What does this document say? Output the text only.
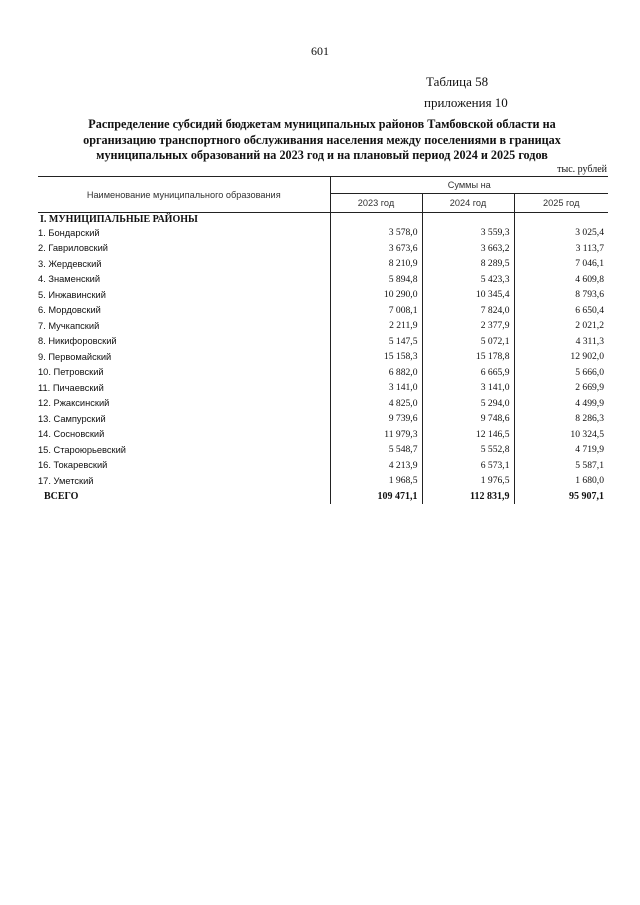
601
Таблица 58
приложения 10
Распределение субсидий бюджетам муниципальных районов Тамбовской области на организацию транспортного обслуживания населения между поселениями в границах муниципальных образований на 2023 год и на плановый период 2024 и 2025 годов
тыс. рублей
Наименование муниципального образования	Суммы на		
	2023 год	2024 год	2025 год
I. МУНИЦИПАЛЬНЫЕ РАЙОНЫ			
1. Бондарский	3 578,0	3 559,3	3 025,4
2. Гавриловский	3 673,6	3 663,2	3 113,7
3. Жердевский	8 210,9	8 289,5	7 046,1
4. Знаменский	5 894,8	5 423,3	4 609,8
5. Инжавинский	10 290,0	10 345,4	8 793,6
6. Мордовский	7 008,1	7 824,0	6 650,4
7. Мучкапский	2 211,9	2 377,9	2 021,2
8. Никифоровский	5 147,5	5 072,1	4 311,3
9. Первомайский	15 158,3	15 178,8	12 902,0
10. Петровский	6 882,0	6 665,9	5 666,0
11. Пичаевский	3 141,0	3 141,0	2 669,9
12. Ржаксинский	4 825,0	5 294,0	4 499,9
13. Сампурский	9 739,6	9 748,6	8 286,3
14. Сосновский	11 979,3	12 146,5	10 324,5
15. Староюрьевский	5 548,7	5 552,8	4 719,9
16. Токаревский	4 213,9	6 573,1	5 587,1
17. Уметский	1 968,5	1 976,5	1 680,0
ВСЕГО	109 471,1	112 831,9	95 907,1
